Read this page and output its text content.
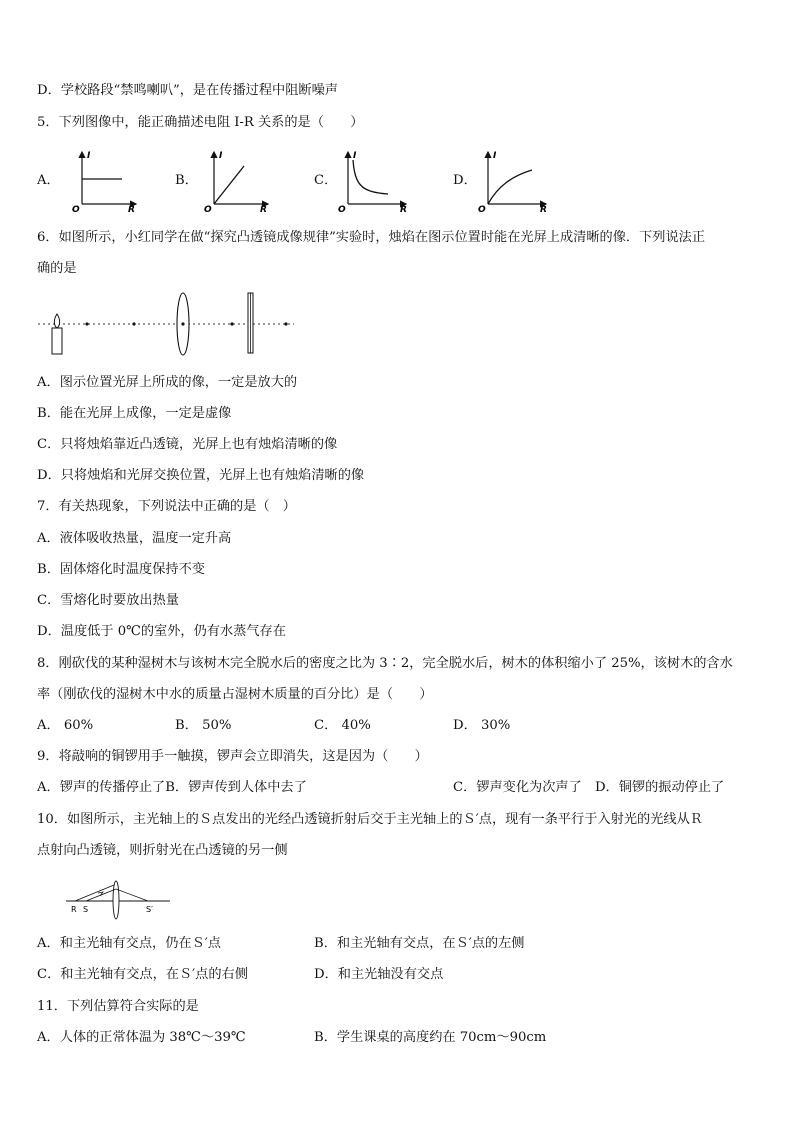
D．学校路段“禁鸣喇叭”，是在传播过程中阻断噪声
5．下列图像中，能正确描述电阻 I-R 关系的是（　　）
A．
I
R
O
B．
I
R
O
C．
I
R
O
D．
I
R
O
6．如图所示，小红同学在做“探究凸透镜成像规律”实验时，烛焰在图示位置时能在光屏上成清晰的像．下列说法正
确的是
A．图示位置光屏上所成的像，一定是放大的
B．能在光屏上成像，一定是虚像
C．只将烛焰靠近凸透镜，光屏上也有烛焰清晰的像
D．只将烛焰和光屏交换位置，光屏上也有烛焰清晰的像
7．有关热现象，下列说法中正确的是（　）
A．液体吸收热量，温度一定升高
B．固体熔化时温度保持不变
C．雪熔化时要放出热量
D．温度低于 0℃的室外，仍有水蒸气存在
8．刚砍伐的某种湿树木与该树木完全脱水后的密度之比为 3∶2，完全脱水后，树木的体积缩小了 25%，该树木的含水
率（刚砍伐的湿树木中水的质量占湿树木质量的百分比）是（　　）
A． 60%	B． 50%	C． 40%	D． 30%
9．将敲响的铜锣用手一触摸，锣声会立即消失，这是因为（　　）
A．锣声的传播停止了B．锣声传到人体中去了	C．锣声变化为次声了　D．铜锣的振动停止了
10．如图所示，主光轴上的Ｓ点发出的光经凸透镜折射后交于主光轴上的Ｓ′点，现有一条平行于入射光的光线从Ｒ
点射向凸透镜，则折射光在凸透镜的另一侧
R S	S′
A．和主光轴有交点，仍在Ｓ′点	B．和主光轴有交点，在Ｓ′点的左侧
C．和主光轴有交点，在Ｓ′点的右侧	D．和主光轴没有交点
11．下列估算符合实际的是
A．人体的正常体温为 38℃～39℃	B．学生课桌的高度约在 70cm～90cm
